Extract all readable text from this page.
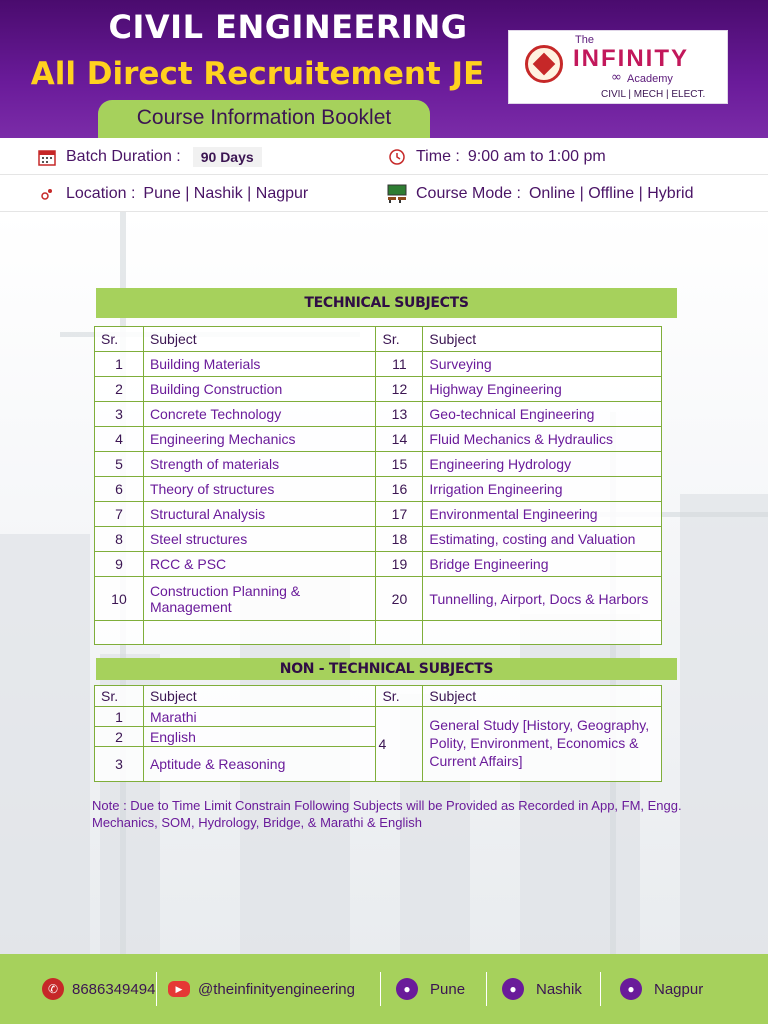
CIVIL ENGINEERING
All Direct Recruitement JE
Course Information Booklet
The
INFINITY
∞ Academy
CIVIL | MECH | ELECT.
Batch Duration :	90 Days	Time : 9:00 am to 1:00 pm
Location : Pune | Nashik | Nagpur	Course Mode : Online | Offline | Hybrid
TECHNICAL SUBJECTS
Sr.	Subject	Sr.	Subject
1	Building Materials	11	Surveying
2	Building Construction	12	Highway Engineering
3	Concrete Technology	13	Geo-technical Engineering
4	Engineering Mechanics	14	Fluid Mechanics & Hydraulics
5	Strength of materials	15	Engineering Hydrology
6	Theory of structures	16	Irrigation Engineering
7	Structural Analysis	17	Environmental Engineering
8	Steel structures	18	Estimating, costing and Valuation
9	RCC & PSC	19	Bridge Engineering
10	Construction Planning & Management	20	Tunnelling, Airport, Docs & Harbors

NON - TECHNICAL SUBJECTS
Sr.	Subject	Sr.	Subject
1	Marathi	4	General Study [History, Geography, Polity, Environment, Economics & Current Affairs]
2	English		
3	Aptitude & Reasoning		
Note : Due to Time Limit Constrain Following Subjects will be Provided as Recorded in App, FM, Engg. Mechanics, SOM, Hydrology, Bridge, & Marathi & English
✆ 8686349494	▶	@theinfinityengineering	●	Pune	●	Nashik	●	Nagpur
